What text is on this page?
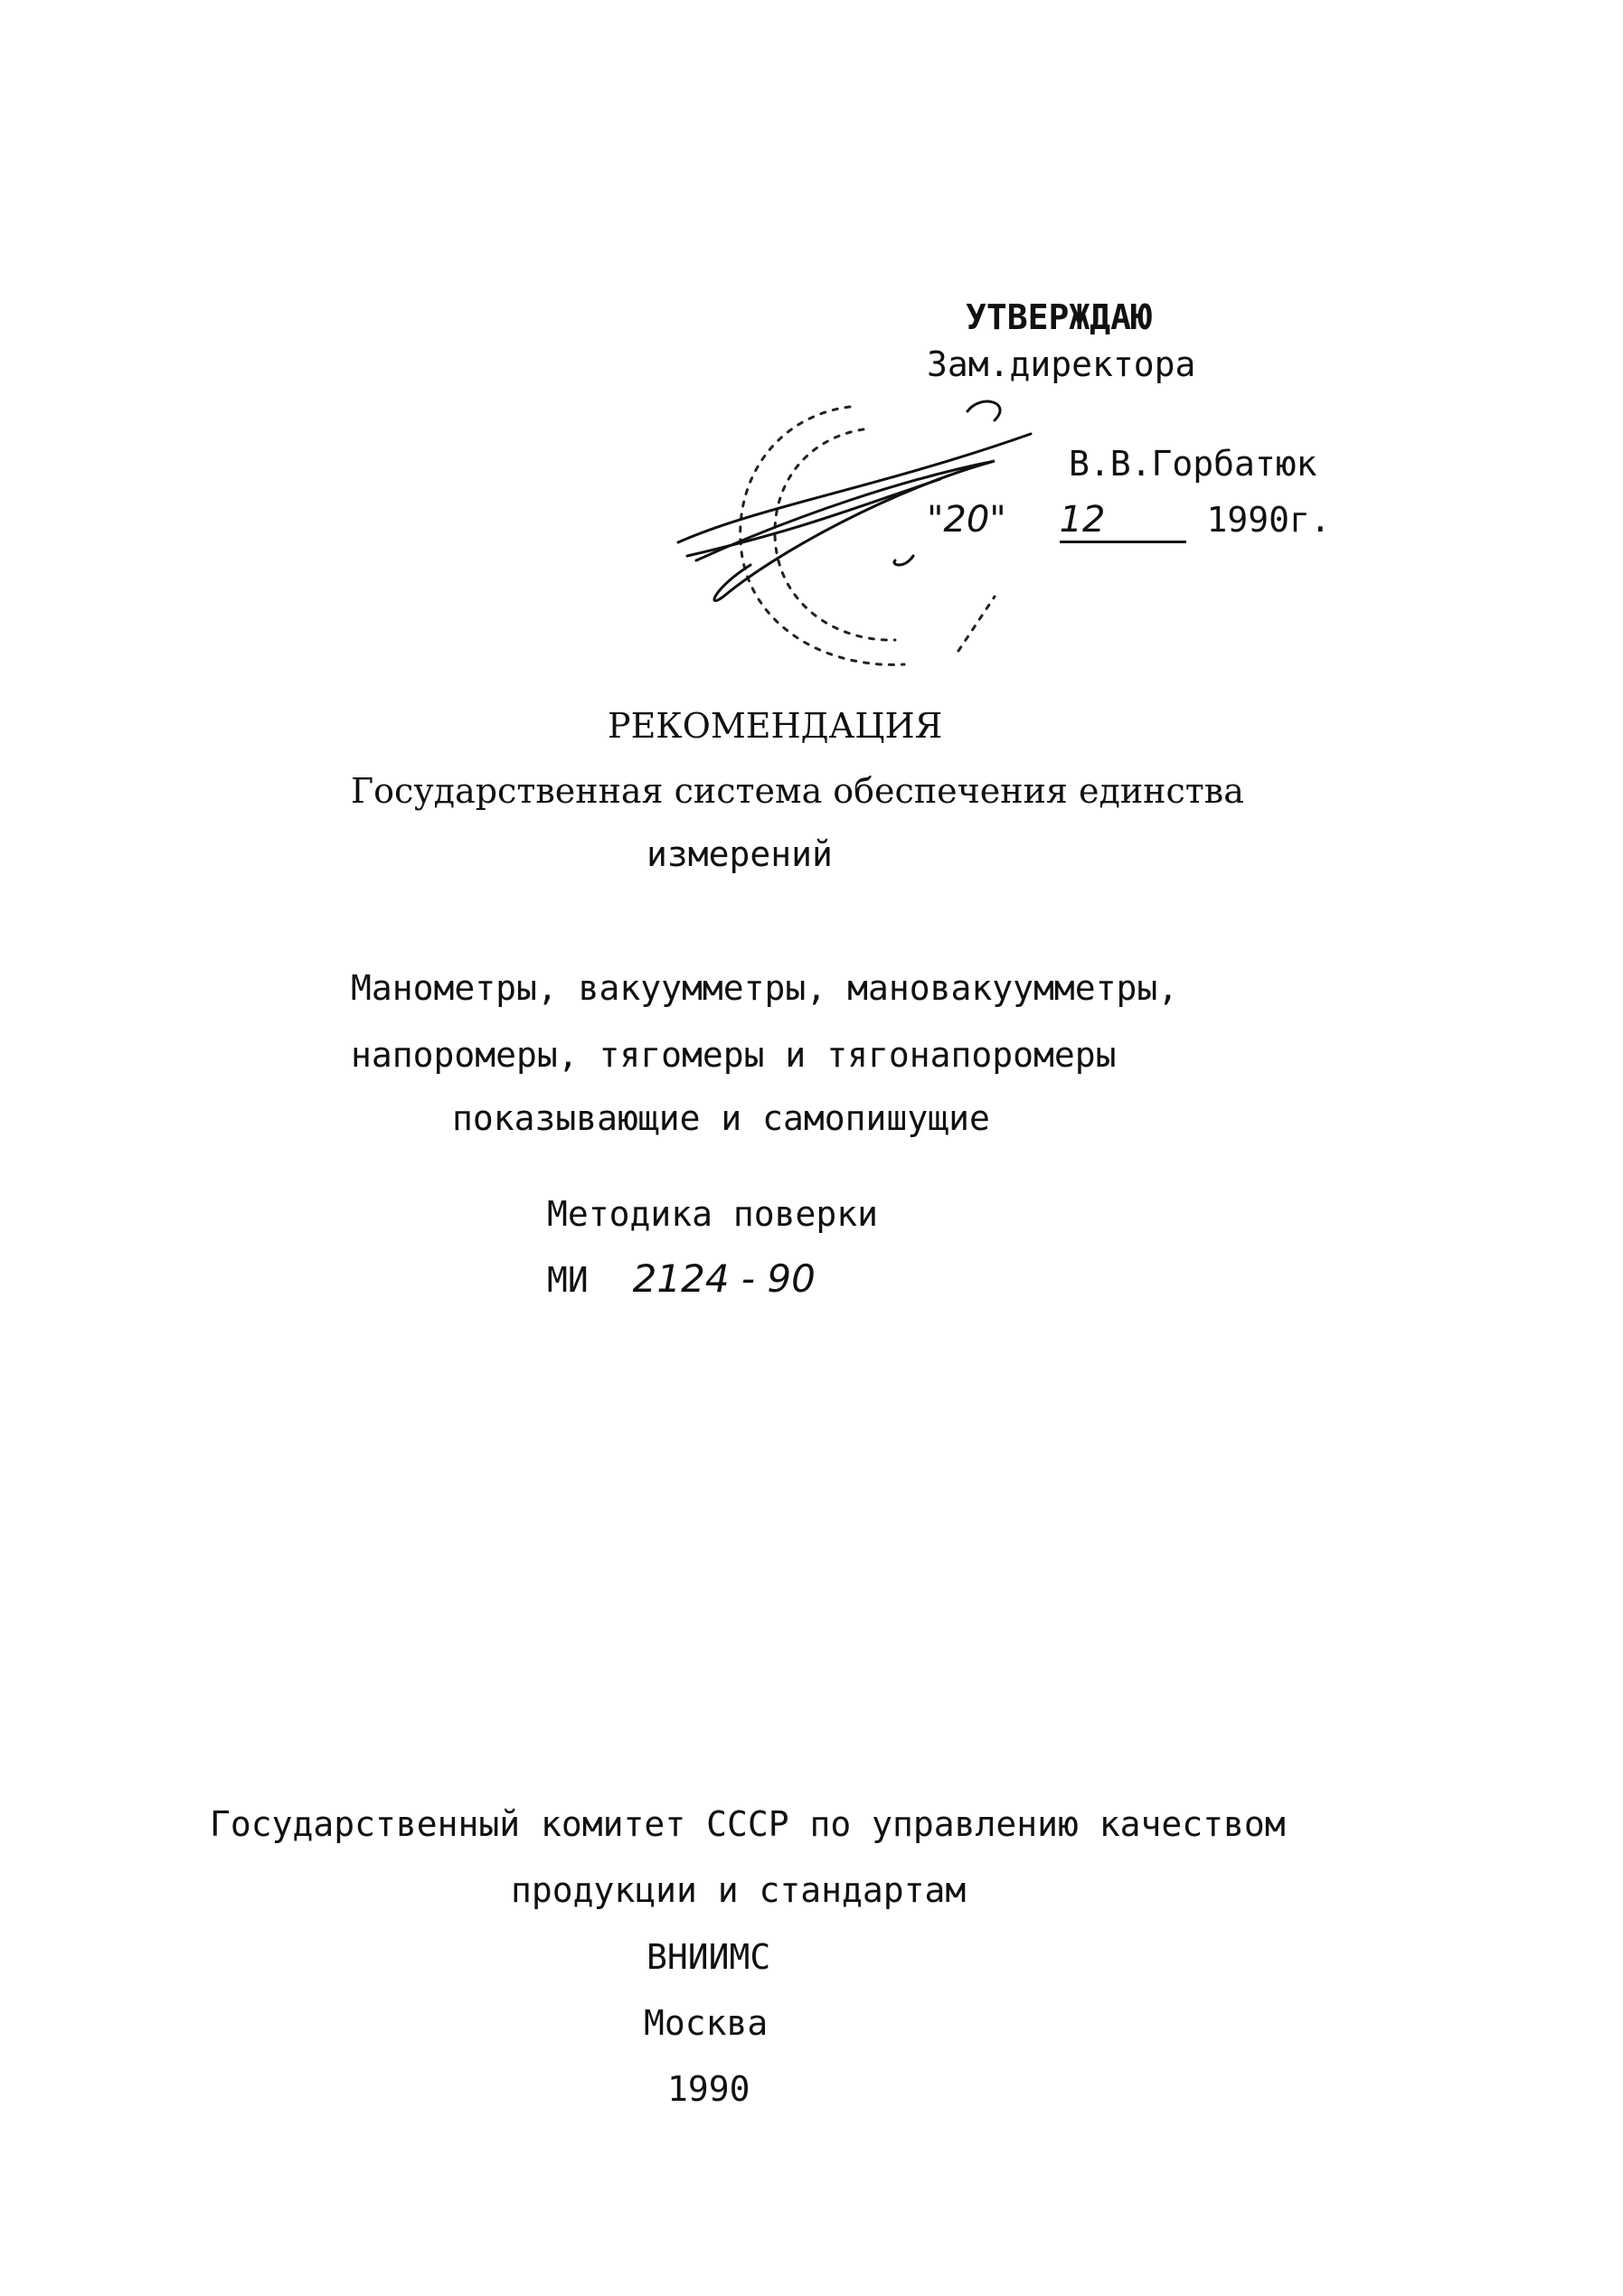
УТВЕРЖДАЮ
Зам.директора
В.В.Горбатюк
"20" 12	1990г.
РЕКОМЕНДАЦИЯ
Государственная система обеспечения единства
измерений
Манометры, вакуумметры, мановакуумметры,
напоромеры, тягомеры и тягонапоромеры
показывающие и самопишущие
Методика поверки
МИ 2124 - 90
Государственный комитет СССР по управлению качеством
продукции и стандартам
ВНИИМС
Москва
1990
